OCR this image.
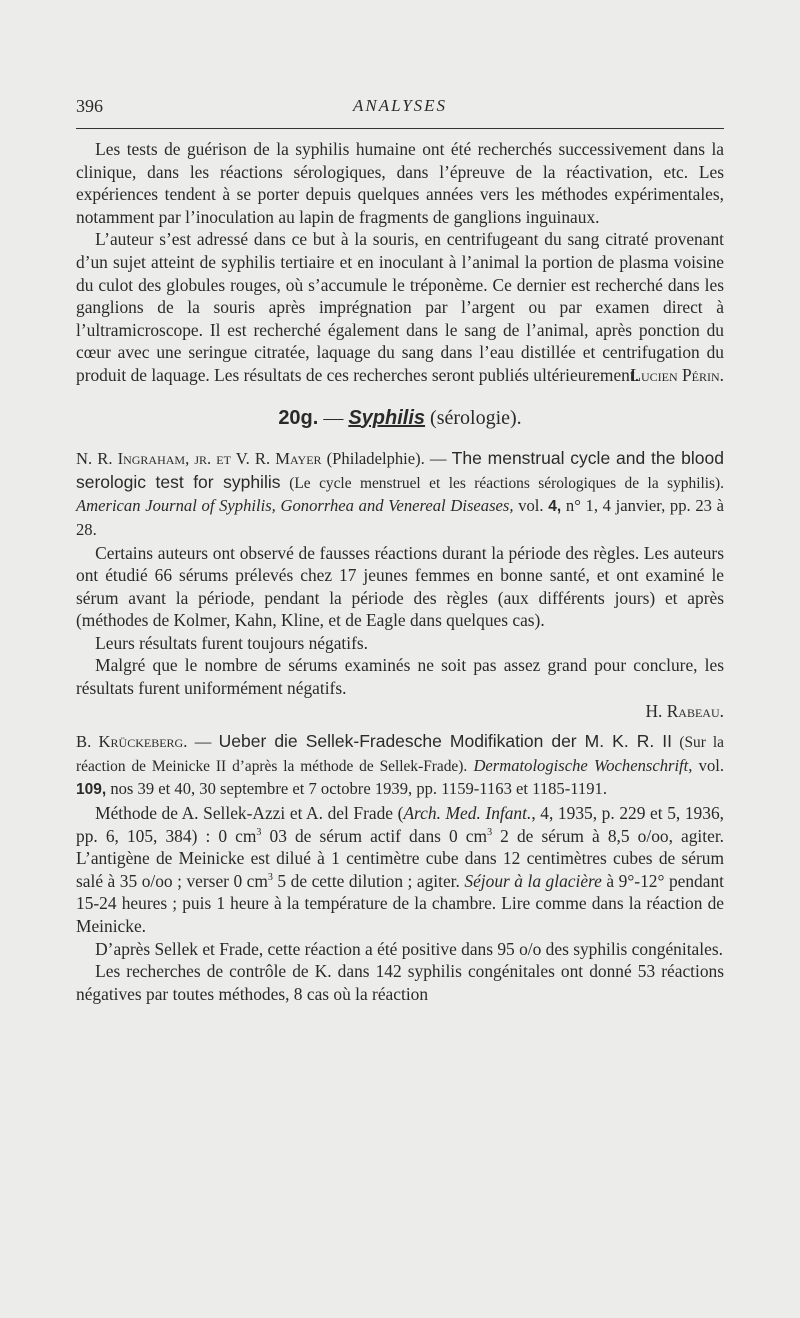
396	ANALYSES

Les tests de guérison de la syphilis humaine ont été recherchés successivement dans la clinique, dans les réactions sérologiques, dans l’épreuve de la réactivation, etc. Les expériences tendent à se porter depuis quelques années vers les méthodes expérimentales, notamment par l’inoculation au lapin de fragments de ganglions inguinaux.

L’auteur s’est adressé dans ce but à la souris, en centrifugeant du sang citraté provenant d’un sujet atteint de syphilis tertiaire et en inoculant à l’animal la portion de plasma voisine du culot des globules rouges, où s’accumule le tréponème. Ce dernier est recherché dans les ganglions de la souris après imprégnation par l’argent ou par examen direct à l’ultramicroscope. Il est recherché également dans le sang de l’animal, après ponction du cœur avec une seringue citratée, laquage du sang dans l’eau distillée et centrifugation du produit de laquage. Les résultats de ces recherches seront publiés ultérieurement.

Lucien Périn.
20g. — Syphilis (sérologie).

N. R. Ingraham, jr. et V. R. Mayer (Philadelphie). — The menstrual cycle and the blood serologic test for syphilis (Le cycle menstruel et les réactions sérologiques de la syphilis). American Journal of Syphilis, Gonorrhea and Venereal Diseases, vol. 4, n° 1, 4 janvier, pp. 23 à 28.

Certains auteurs ont observé de fausses réactions durant la période des règles. Les auteurs ont étudié 66 sérums prélevés chez 17 jeunes femmes en bonne santé, et ont examiné le sérum avant la période, pendant la période des règles (aux différents jours) et après (méthodes de Kolmer, Kahn, Kline, et de Eagle dans quelques cas).

Leurs résultats furent toujours négatifs.

Malgré que le nombre de sérums examinés ne soit pas assez grand pour conclure, les résultats furent uniformément négatifs.

H. Rabeau.

B. Krückeberg. — Ueber die Sellek-Fradesche Modifikation der M. K. R. II (Sur la réaction de Meinicke II d’après la méthode de Sellek-Frade). Dermatologische Wochenschrift, vol. 109, nos 39 et 40, 30 septembre et 7 octobre 1939, pp. 1159-1163 et 1185-1191.

Méthode de A. Sellek-Azzi et A. del Frade (Arch. Med. Infant., 4, 1935, p. 229 et 5, 1936, pp. 6, 105, 384) : 0 $cm^3$ 03 de sérum actif dans 0 $cm^3$ 2 de sérum à 8,5 o/oo, agiter. L’antigène de Meinicke est dilué à 1 centimètre cube dans 12 centimètres cubes de sérum salé à 35 o/oo ; verser 0 $cm^3$ 5 de cette dilution ; agiter. Séjour à la glacière à 9°-12° pendant 15-24 heures ; puis 1 heure à la température de la chambre. Lire comme dans la réaction de Meinicke.

D’après Sellek et Frade, cette réaction a été positive dans 95 o/o des syphilis congénitales.

Les recherches de contrôle de K. dans 142 syphilis congénitales ont donné 53 réactions négatives par toutes méthodes, 8 cas où la réaction
